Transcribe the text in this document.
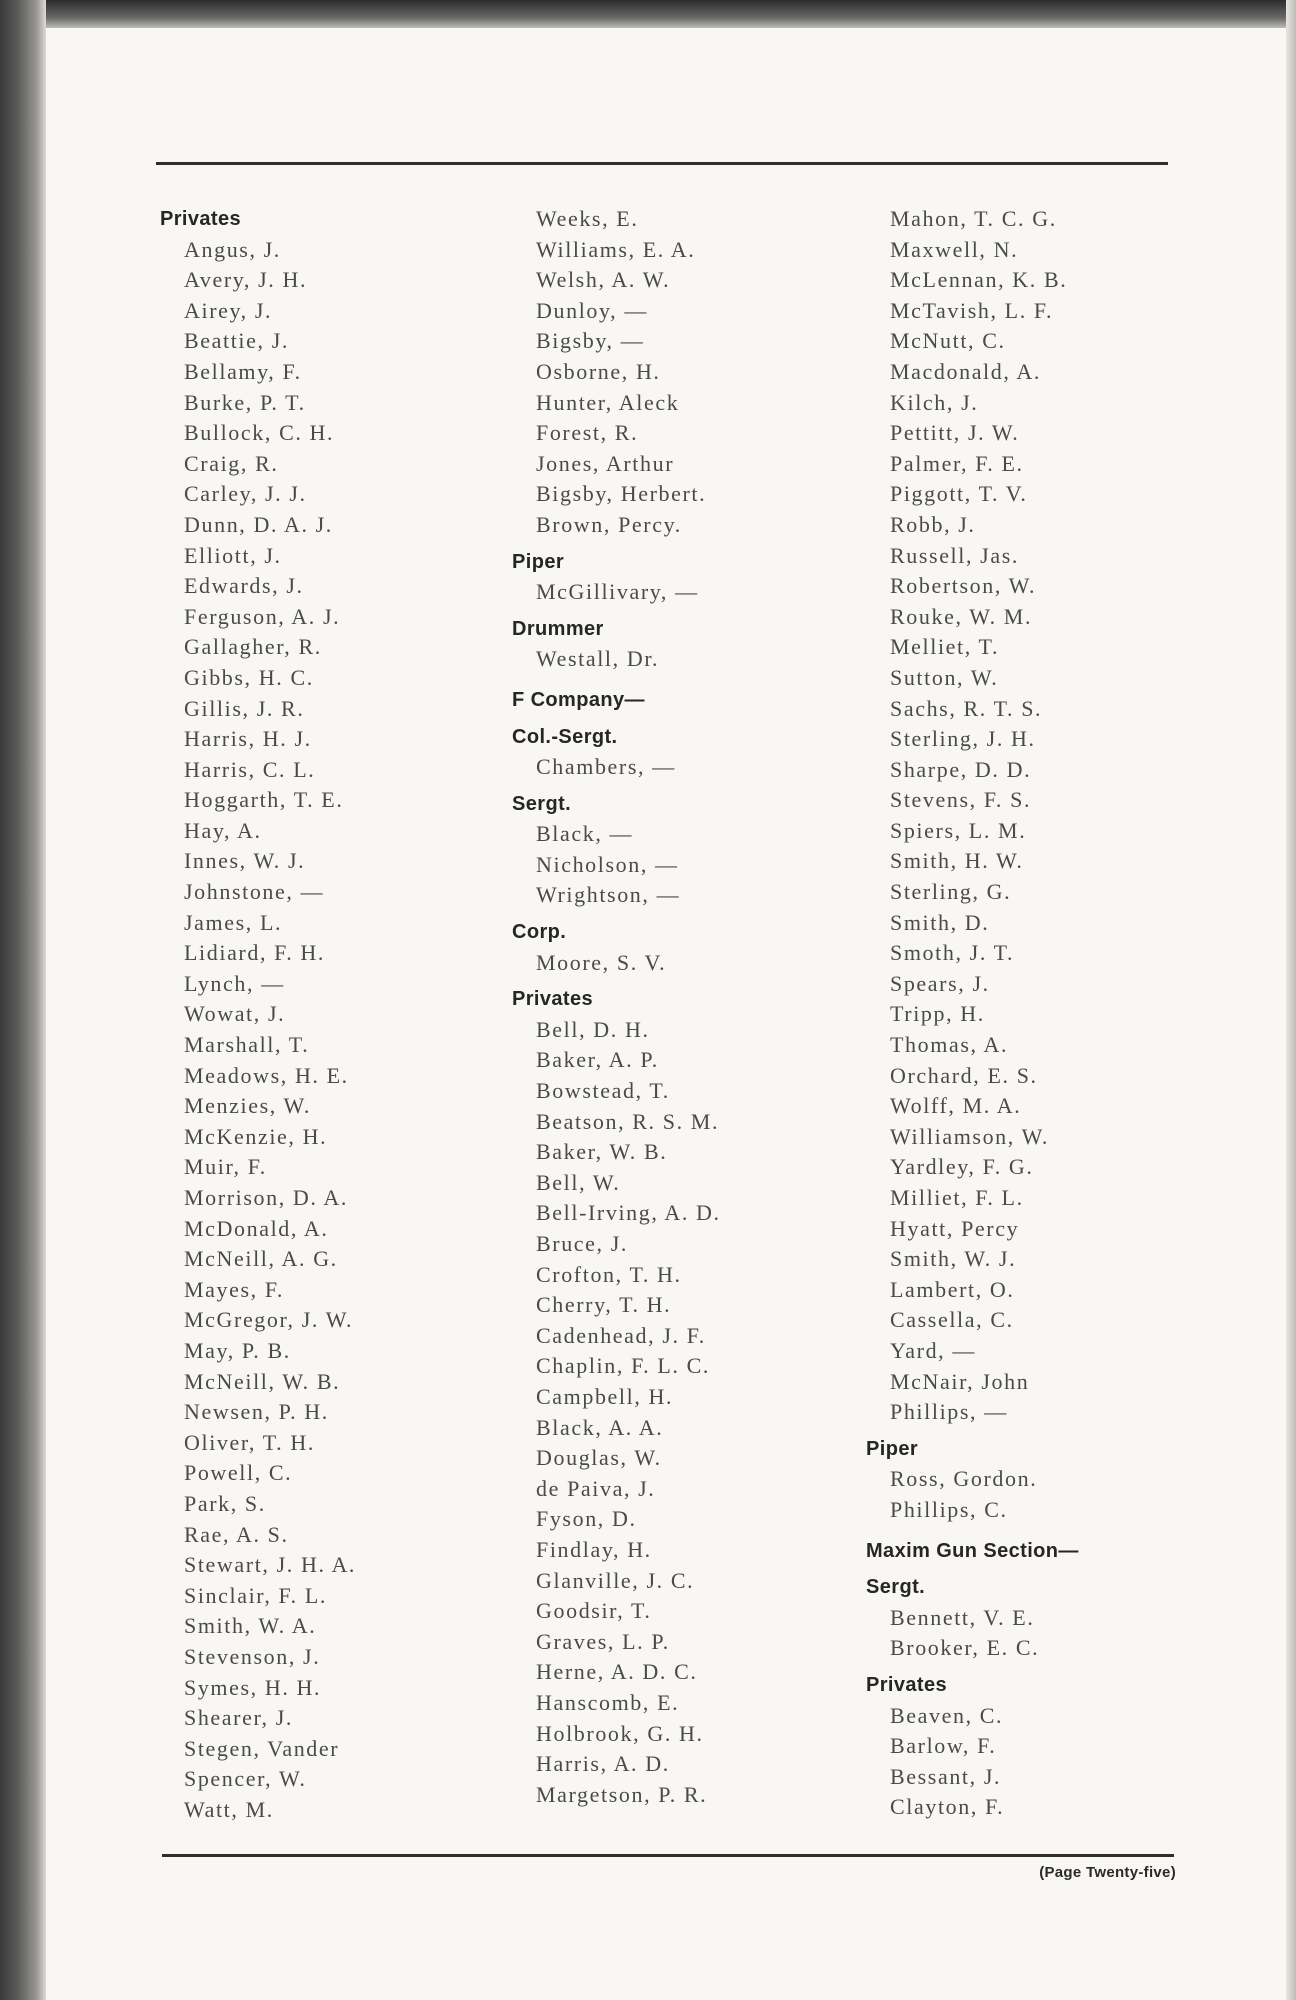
Privates
Angus, J.
Avery, J. H.
Airey, J.
Beattie, J.
Bellamy, F.
Burke, P. T.
Bullock, C. H.
Craig, R.
Carley, J. J.
Dunn, D. A. J.
Elliott, J.
Edwards, J.
Ferguson, A. J.
Gallagher, R.
Gibbs, H. C.
Gillis, J. R.
Harris, H. J.
Harris, C. L.
Hoggarth, T. E.
Hay, A.
Innes, W. J.
Johnstone, —
James, L.
Lidiard, F. H.
Lynch, —
Wowat, J.
Marshall, T.
Meadows, H. E.
Menzies, W.
McKenzie, H.
Muir, F.
Morrison, D. A.
McDonald, A.
McNeill, A. G.
Mayes, F.
McGregor, J. W.
May, P. B.
McNeill, W. B.
Newsen, P. H.
Oliver, T. H.
Powell, C.
Park, S.
Rae, A. S.
Stewart, J. H. A.
Sinclair, F. L.
Smith, W. A.
Stevenson, J.
Symes, H. H.
Shearer, J.
Stegen, Vander
Spencer, W.
Watt, M.
Weeks, E.
Williams, E. A.
Welsh, A. W.
Dunloy, —
Bigsby, —
Osborne, H.
Hunter, Aleck
Forest, R.
Jones, Arthur
Bigsby, Herbert.
Brown, Percy.
Piper
McGillivary, —
Drummer
Westall, Dr.
F Company—
Col.-Sergt.
Chambers, —
Sergt.
Black, —
Nicholson, —
Wrightson, —
Corp.
Moore, S. V.
Privates
Bell, D. H.
Baker, A. P.
Bowstead, T.
Beatson, R. S. M.
Baker, W. B.
Bell, W.
Bell-Irving, A. D.
Bruce, J.
Crofton, T. H.
Cherry, T. H.
Cadenhead, J. F.
Chaplin, F. L. C.
Campbell, H.
Black, A. A.
Douglas, W.
de Paiva, J.
Fyson, D.
Findlay, H.
Glanville, J. C.
Goodsir, T.
Graves, L. P.
Herne, A. D. C.
Hanscomb, E.
Holbrook, G. H.
Harris, A. D.
Margetson, P. R.
Mahon, T. C. G.
Maxwell, N.
McLennan, K. B.
McTavish, L. F.
McNutt, C.
Macdonald, A.
Kilch, J.
Pettitt, J. W.
Palmer, F. E.
Piggott, T. V.
Robb, J.
Russell, Jas.
Robertson, W.
Rouke, W. M.
Melliet, T.
Sutton, W.
Sachs, R. T. S.
Sterling, J. H.
Sharpe, D. D.
Stevens, F. S.
Spiers, L. M.
Smith, H. W.
Sterling, G.
Smith, D.
Smoth, J. T.
Spears, J.
Tripp, H.
Thomas, A.
Orchard, E. S.
Wolff, M. A.
Williamson, W.
Yardley, F. G.
Milliet, F. L.
Hyatt, Percy
Smith, W. J.
Lambert, O.
Cassella, C.
Yard, —
McNair, John
Phillips, —
Piper
Ross, Gordon.
Phillips, C.
Maxim Gun Section—
Sergt.
Bennett, V. E.
Brooker, E. C.
Privates
Beaven, C.
Barlow, F.
Bessant, J.
Clayton, F.
(Page Twenty-five)
